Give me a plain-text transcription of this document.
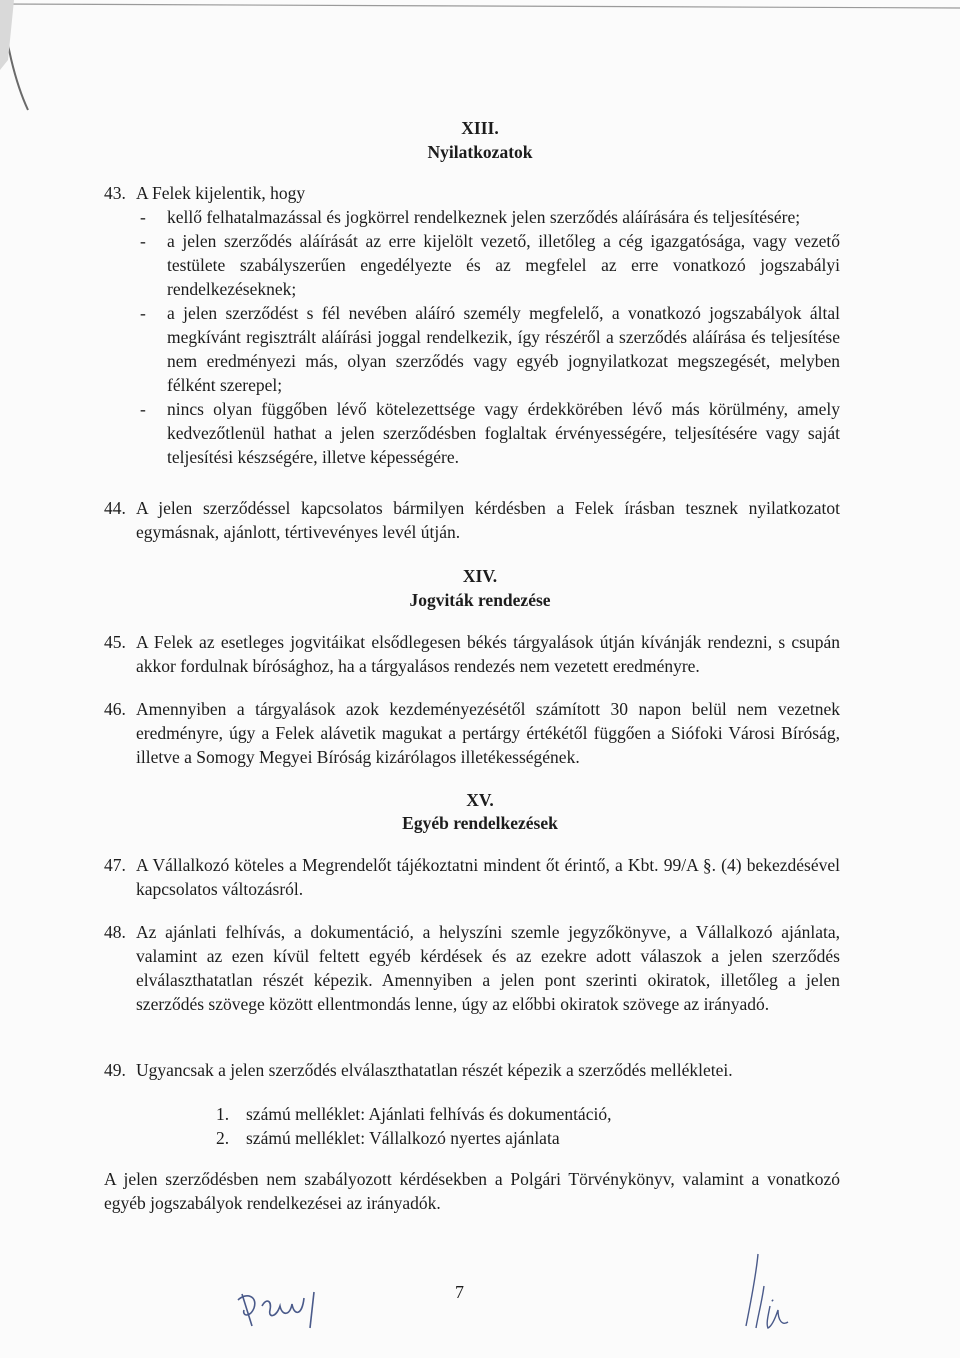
XIII.
Nyilatkozatok
43. A Felek kijelentik, hogy
- kellő felhatalmazással és jogkörrel rendelkeznek jelen szerződés aláírására és teljesítésére;
- a jelen szerződés aláírását az erre kijelölt vezető, illetőleg a cég igazgatósága, vagy vezető testülete szabályszerűen engedélyezte és az megfelel az erre vonatkozó jogszabályi rendelkezéseknek;
- a jelen szerződést s fél nevében aláíró személy megfelelő, a vonatkozó jogszabályok által megkívánt regisztrált aláírási joggal rendelkezik, így részéről a szerződés aláírása és teljesítése nem eredményezi más, olyan szerződés vagy egyéb jognyilatkozat megszegését, melyben félként szerepel;
- nincs olyan függőben lévő kötelezettsége vagy érdekkörében lévő más körülmény, amely kedvezőtlenül hathat a jelen szerződésben foglaltak érvényességére, teljesítésére vagy saját teljesítési készségére, illetve képességére.
44. A jelen szerződéssel kapcsolatos bármilyen kérdésben a Felek írásban tesznek nyilatkozatot egymásnak, ajánlott, tértivevényes levél útján.
XIV.
Jogviták rendezése
45. A Felek az esetleges jogvitáikat elsődlegesen békés tárgyalások útján kívánják rendezni, s csupán akkor fordulnak bírósághoz, ha a tárgyalásos rendezés nem vezetett eredményre.
46. Amennyiben a tárgyalások azok kezdeményezésétől számított 30 napon belül nem vezetnek eredményre, úgy a Felek alávetik magukat a pertárgy értékétől függően a Siófoki Városi Bíróság, illetve a Somogy Megyei Bíróság kizárólagos illetékességének.
XV.
Egyéb rendelkezések
47. A Vállalkozó köteles a Megrendelőt tájékoztatni mindent őt érintő, a Kbt. 99/A §. (4) bekezdésével kapcsolatos változásról.
48. Az ajánlati felhívás, a dokumentáció, a helyszíni szemle jegyzőkönyve, a Vállalkozó ajánlata, valamint az ezen kívül feltett egyéb kérdések és az ezekre adott válaszok a jelen szerződés elválaszthatatlan részét képezik. Amennyiben a jelen pont szerinti okiratok, illetőleg a jelen szerződés szövege között ellentmondás lenne, úgy az előbbi okiratok szövege az irányadó.
49. Ugyancsak a jelen szerződés elválaszthatatlan részét képezik a szerződés mellékletei.
1. számú melléklet: Ajánlati felhívás és dokumentáció,
2. számú melléklet: Vállalkozó nyertes ajánlata
A jelen szerződésben nem szabályozott kérdésekben a Polgári Törvénykönyv, valamint a vonatkozó egyéb jogszabályok rendelkezései az irányadók.
7
